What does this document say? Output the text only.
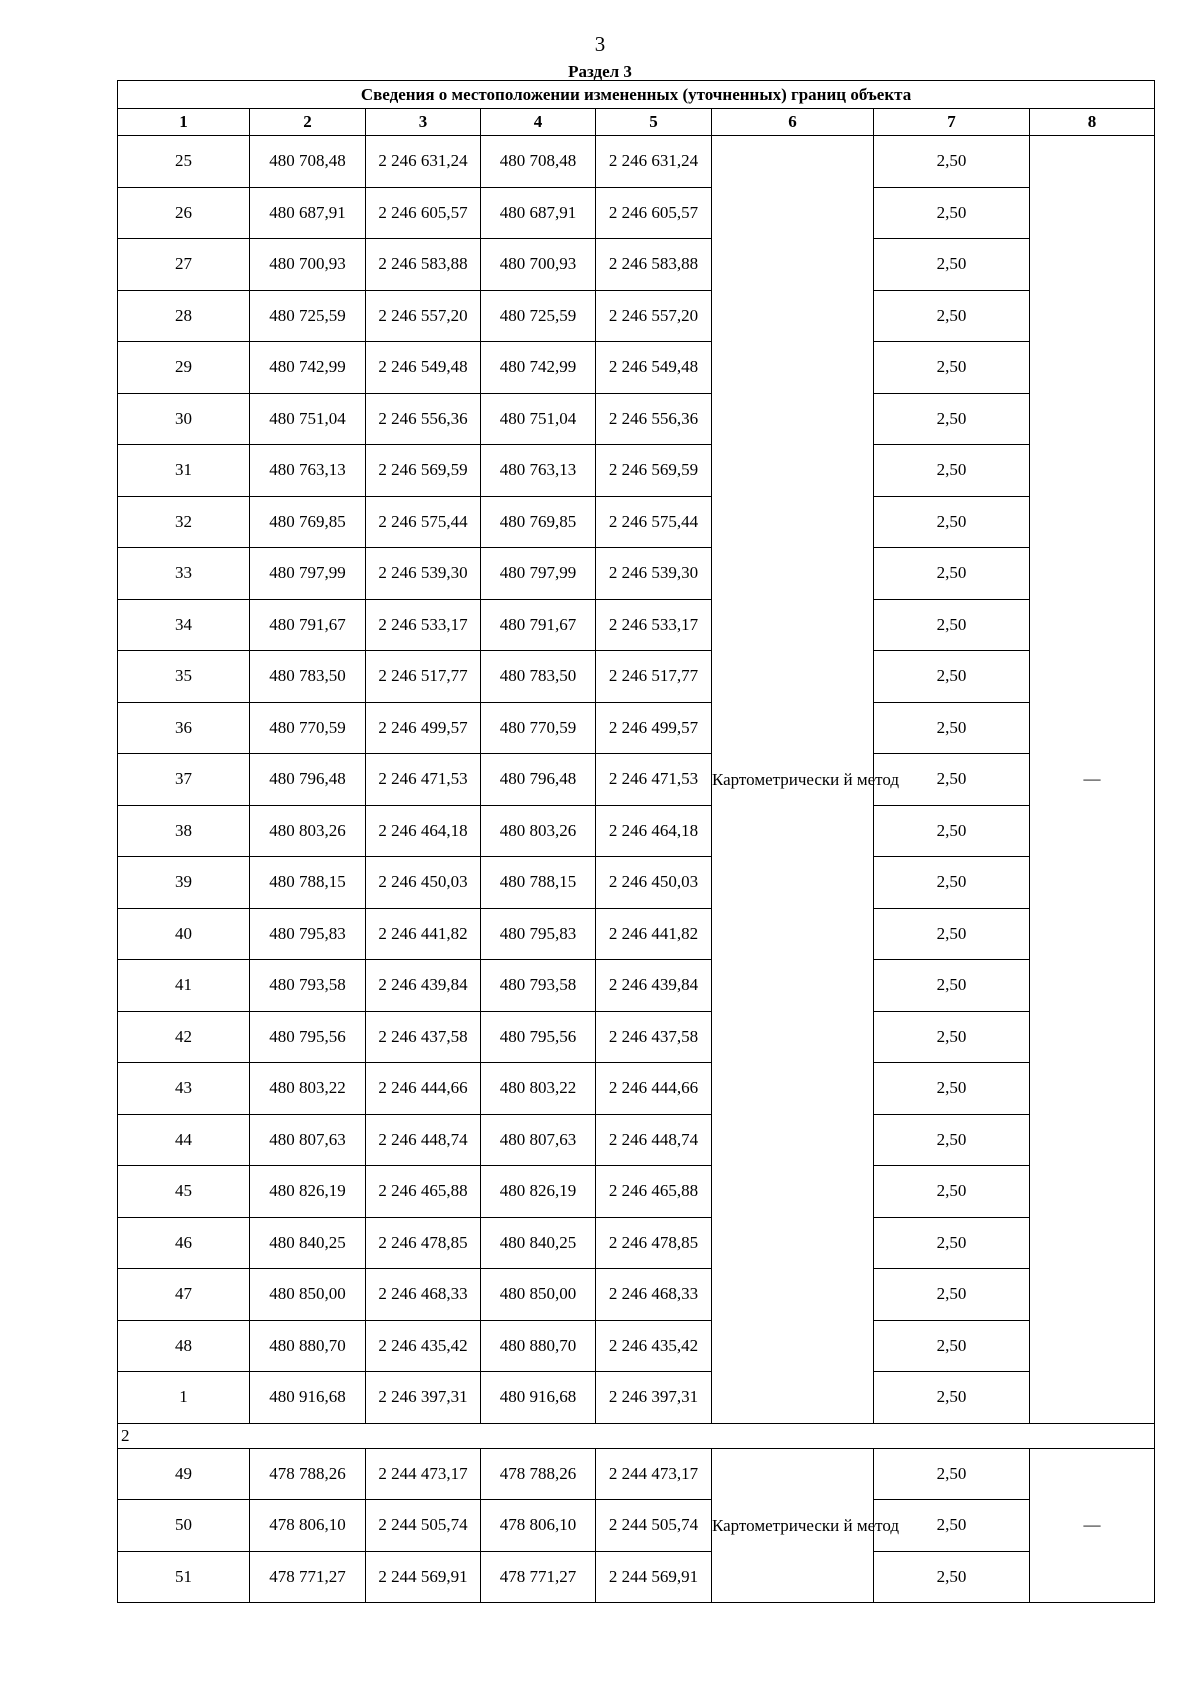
3
Раздел 3
Сведения о местоположении измененных (уточненных) границ объекта							
1	2	3	4	5	6	7	8
25	480 708,48	2 246 631,24	480 708,48	2 246 631,24	Картометрически й метод	2,50	—
26	480 687,91	2 246 605,57	480 687,91	2 246 605,57		2,50	
27	480 700,93	2 246 583,88	480 700,93	2 246 583,88		2,50	
28	480 725,59	2 246 557,20	480 725,59	2 246 557,20		2,50	
29	480 742,99	2 246 549,48	480 742,99	2 246 549,48		2,50	
30	480 751,04	2 246 556,36	480 751,04	2 246 556,36		2,50	
31	480 763,13	2 246 569,59	480 763,13	2 246 569,59		2,50	
32	480 769,85	2 246 575,44	480 769,85	2 246 575,44		2,50	
33	480 797,99	2 246 539,30	480 797,99	2 246 539,30		2,50	
34	480 791,67	2 246 533,17	480 791,67	2 246 533,17		2,50	
35	480 783,50	2 246 517,77	480 783,50	2 246 517,77		2,50	
36	480 770,59	2 246 499,57	480 770,59	2 246 499,57		2,50	
37	480 796,48	2 246 471,53	480 796,48	2 246 471,53		2,50	
38	480 803,26	2 246 464,18	480 803,26	2 246 464,18		2,50	
39	480 788,15	2 246 450,03	480 788,15	2 246 450,03		2,50	
40	480 795,83	2 246 441,82	480 795,83	2 246 441,82		2,50	
41	480 793,58	2 246 439,84	480 793,58	2 246 439,84		2,50	
42	480 795,56	2 246 437,58	480 795,56	2 246 437,58		2,50	
43	480 803,22	2 246 444,66	480 803,22	2 246 444,66		2,50	
44	480 807,63	2 246 448,74	480 807,63	2 246 448,74		2,50	
45	480 826,19	2 246 465,88	480 826,19	2 246 465,88		2,50	
46	480 840,25	2 246 478,85	480 840,25	2 246 478,85		2,50	
47	480 850,00	2 246 468,33	480 850,00	2 246 468,33		2,50	
48	480 880,70	2 246 435,42	480 880,70	2 246 435,42		2,50	
1	480 916,68	2 246 397,31	480 916,68	2 246 397,31		2,50	
2							
49	478 788,26	2 244 473,17	478 788,26	2 244 473,17	Картометрически й метод	2,50	—
50	478 806,10	2 244 505,74	478 806,10	2 244 505,74		2,50	
51	478 771,27	2 244 569,91	478 771,27	2 244 569,91		2,50	
